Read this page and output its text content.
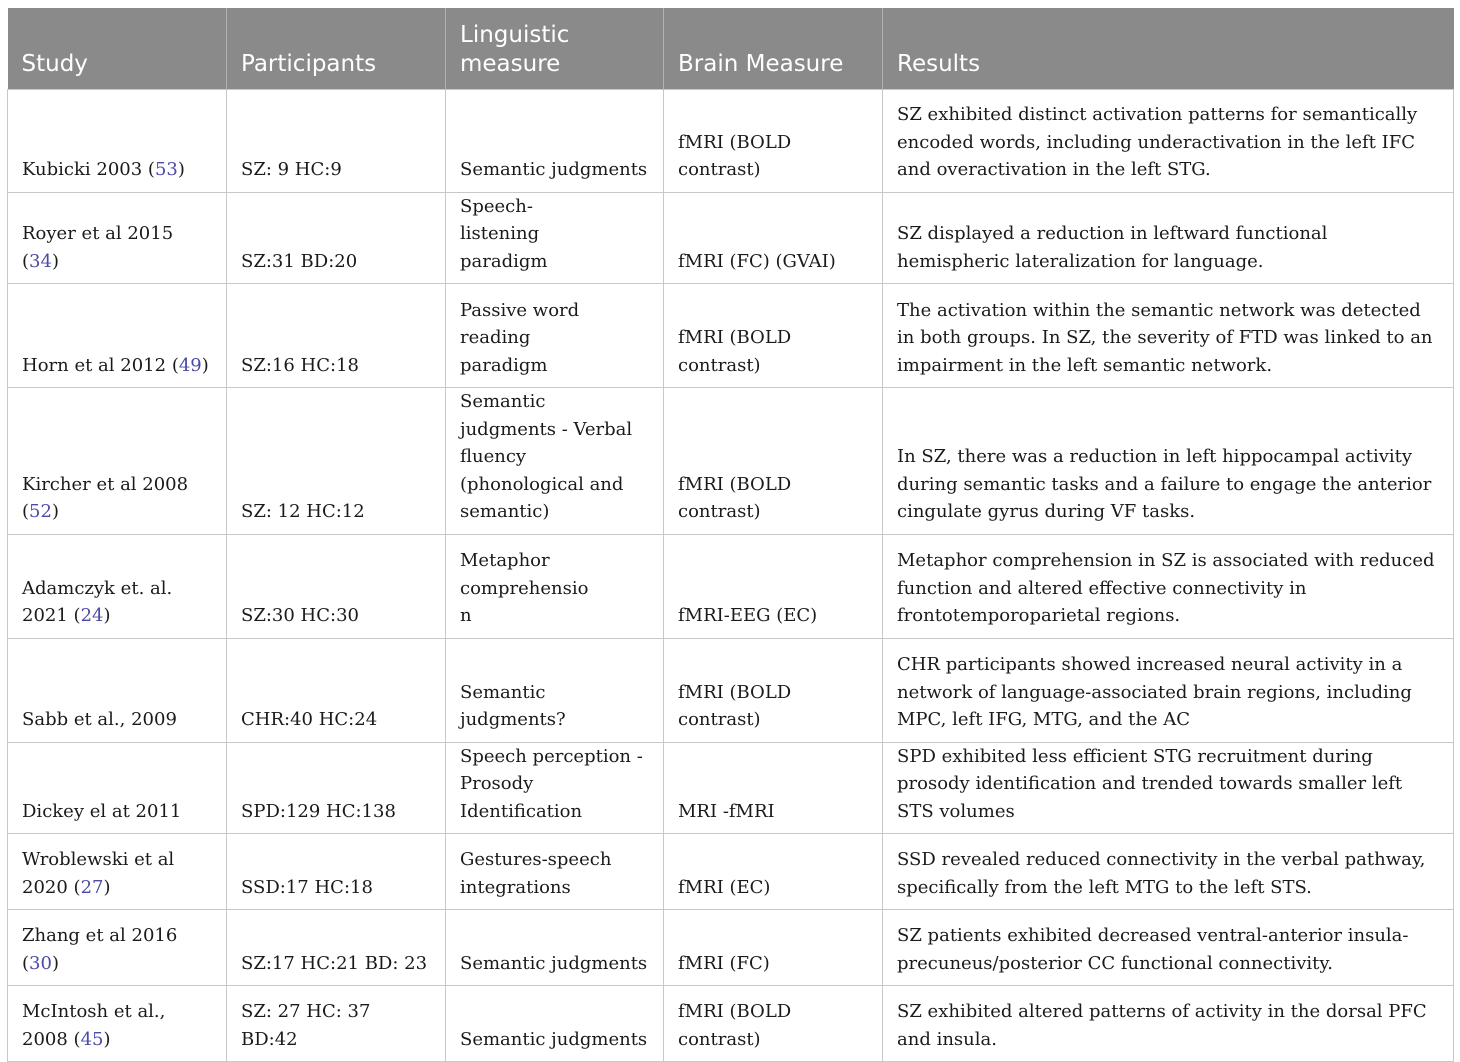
Study	Participants	Linguistic measure	Brain Measure	Results
Kubicki 2003 (53)	SZ: 9 HC:9	Semantic judgments	fMRI (BOLD contrast)	SZ exhibited distinct activation patterns for semantically encoded words, including underactivation in the left IFC and overactivation in the left STG.
Royer et al 2015 (34)	SZ:31 BD:20	Speech-listening paradigm	fMRI (FC) (GVAI)	SZ displayed a reduction in leftward functional hemispheric lateralization for language.
Horn et al 2012 (49)	SZ:16 HC:18	Passive word reading paradigm	fMRI (BOLD contrast)	The activation within the semantic network was detected in both groups. In SZ, the severity of FTD was linked to an impairment in the left semantic network.
Kircher et al 2008 (52)	SZ: 12 HC:12	Semantic judgments - Verbal fluency (phonological and semantic)	fMRI (BOLD contrast)	In SZ, there was a reduction in left hippocampal activity during semantic tasks and a failure to engage the anterior cingulate gyrus during VF tasks.
Adamczyk et. al. 2021 (24)	SZ:30 HC:30	Metaphor comprehension	fMRI-EEG (EC)	Metaphor comprehension in SZ is associated with reduced function and altered effective connectivity in frontotemporoparietal regions.
Sabb et al., 2009	CHR:40 HC:24	Semantic judgments?	fMRI (BOLD contrast)	CHR participants showed increased neural activity in a network of language-associated brain regions, including MPC, left IFG, MTG, and the AC
Dickey el at 2011	SPD:129 HC:138	Speech perception - Prosody Identification	MRI -fMRI	SPD exhibited less efficient STG recruitment during prosody identification and trended towards smaller left STS volumes
Wroblewski et al 2020 (27)	SSD:17 HC:18	Gestures-speech integrations	fMRI (EC)	SSD revealed reduced connectivity in the verbal pathway, specifically from the left MTG to the left STS.
Zhang et al 2016 (30)	SZ:17 HC:21 BD: 23	Semantic judgments	fMRI (FC)	SZ patients exhibited decreased ventral-anterior insula-precuneus/posterior CC functional connectivity.
McIntosh et al., 2008 (45)	SZ: 27 HC: 37 BD:42	Semantic judgments	fMRI (BOLD contrast)	SZ exhibited altered patterns of activity in the dorsal PFC and insula.
